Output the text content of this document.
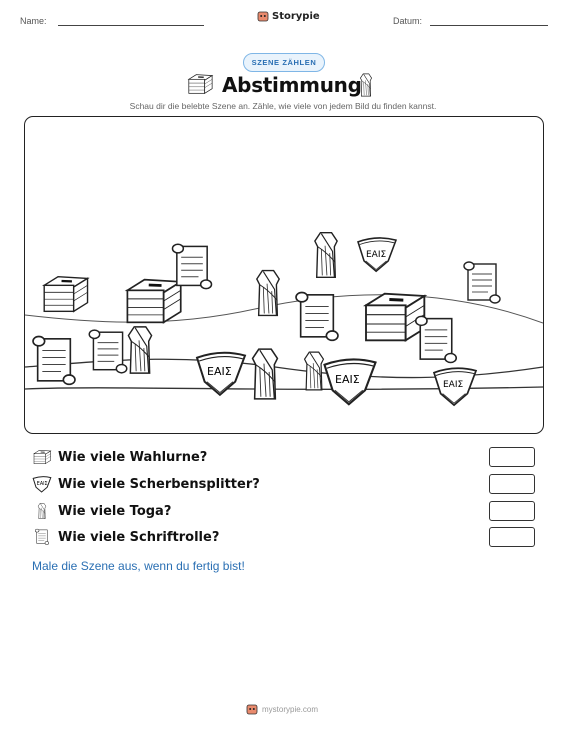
Name:	Datum:
Storypie
SZENE ZÄHLEN
Abstimmung
Schau dir die belebte Szene an. Zähle, wie viele von jedem Bild du finden kannst.
EAIΣ
EAIΣ
EAIΣ	EAIΣ
Wie viele Wahlurne?
EAIΣ Wie viele Scherbensplitter?
Wie viele Toga?
Wie viele Schriftrolle?
Male die Szene aus, wenn du fertig bist!
mystorypie.com
